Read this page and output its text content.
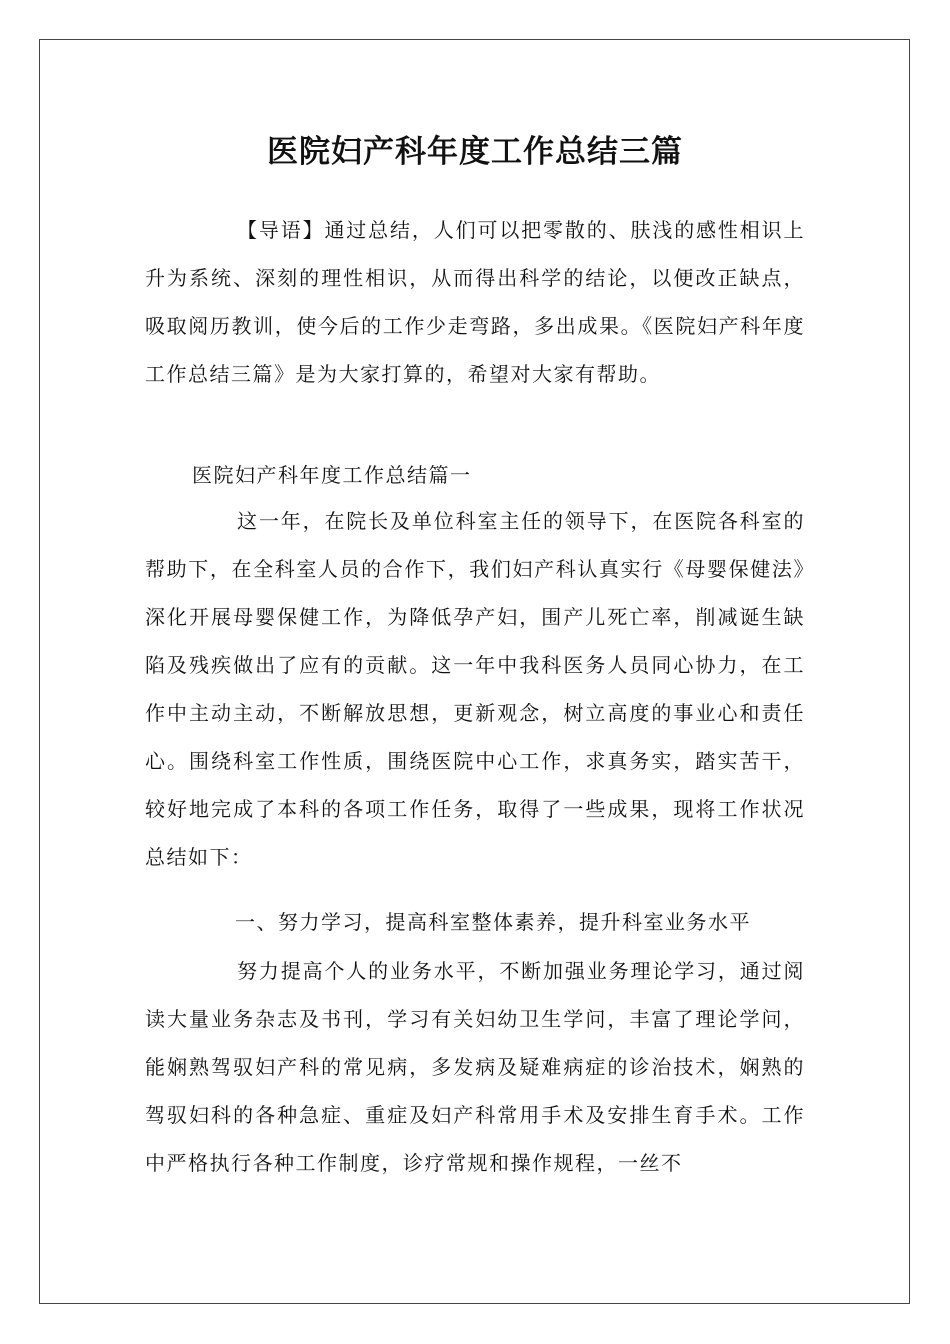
医院妇产科年度工作总结三篇

【导语】通过总结，人们可以把零散的、肤浅的感性相识上升为系统、深刻的理性相识，从而得出科学的结论，以便改正缺点，吸取阅历教训，使今后的工作少走弯路，多出成果。《医院妇产科年度工作总结三篇》是为大家打算的，希望对大家有帮助。

医院妇产科年度工作总结篇一

这一年，在院长及单位科室主任的领导下，在医院各科室的帮助下，在全科室人员的合作下，我们妇产科认真实行《母婴保健法》深化开展母婴保健工作，为降低孕产妇，围产儿死亡率，削减诞生缺陷及残疾做出了应有的贡献。这一年中我科医务人员同心协力，在工作中主动主动，不断解放思想，更新观念，树立高度的事业心和责任心。围绕科室工作性质，围绕医院中心工作，求真务实，踏实苦干，较好地完成了本科的各项工作任务，取得了一些成果，现将工作状况总结如下：

一、努力学习，提高科室整体素养，提升科室业务水平

努力提高个人的业务水平，不断加强业务理论学习，通过阅读大量业务杂志及书刊，学习有关妇幼卫生学问，丰富了理论学问，能娴熟驾驭妇产科的常见病，多发病及疑难病症的诊治技术，娴熟的驾驭妇科的各种急症、重症及妇产科常用手术及安排生育手术。工作中严格执行各种工作制度，诊疗常规和操作规程，一丝不
